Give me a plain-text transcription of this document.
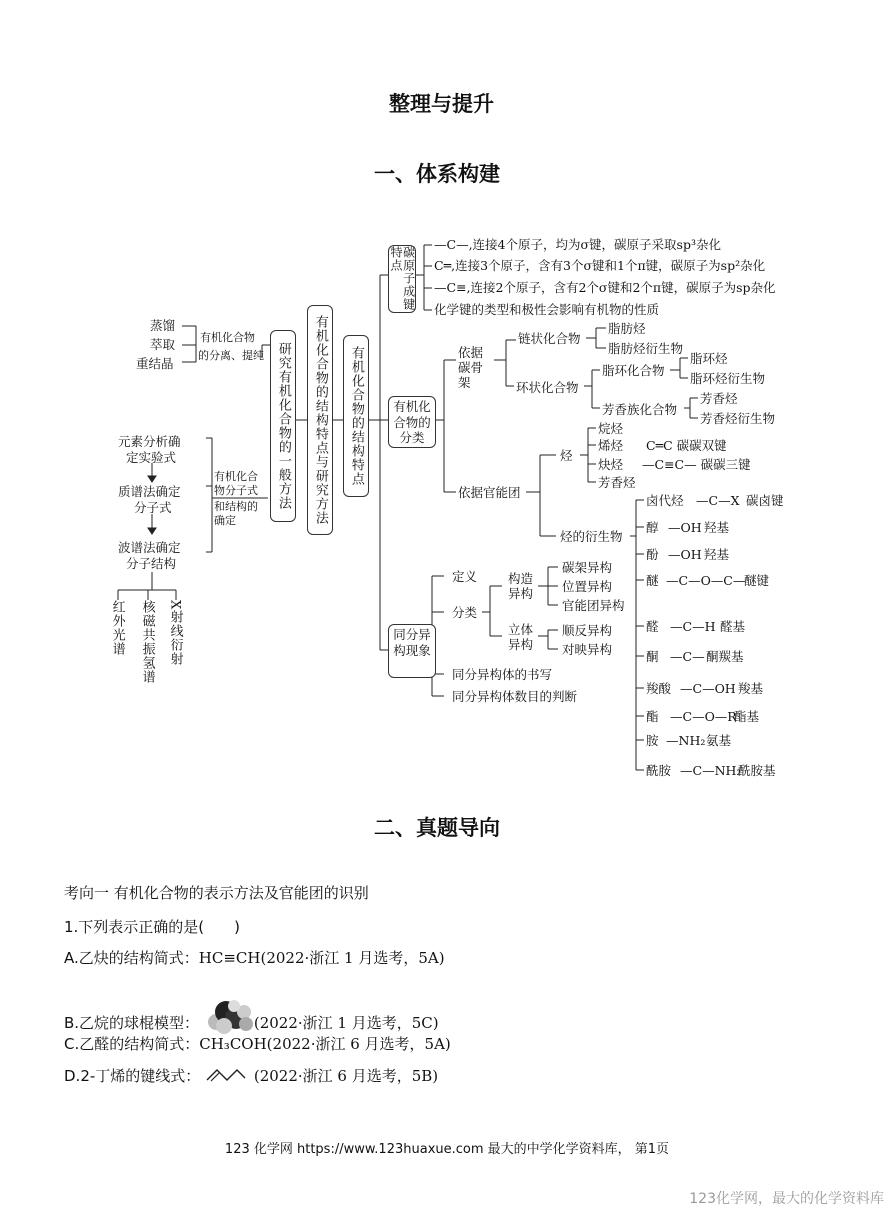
整理与提升
一、体系构建
蒸馏
萃取
重结晶
有机化合物
的分离、提纯
元素分析确
定实验式
质谱法确定
分子式
波谱法确定
分子结构
有机化合
物分子式
和结构的
确定
红外光谱 核磁共振氢谱 X射线衍射
研究有机化合物的一般方法 有机化合物的结构特点与研究方法 有机化合物的结构特点
碳原子成键特点
—C—,连接4个原子，均为σ键，碳原子采取sp³杂化
C═,连接3个原子，含有3个σ键和1个π键，碳原子为sp²杂化
—C≡,连接2个原子，含有2个σ键和2个π键，碳原子为sp杂化
化学键的类型和极性会影响有机物的性质
有机化合物的分类
依据碳骨架
链状化合物
脂肪烃
脂肪烃衍生物
环状化合物
脂环化合物
脂环烃
脂环烃衍生物
芳香族化合物
芳香烃
芳香烃衍生物
依据官能团
烃
烷烃
烯烃 C═C 碳碳双键
炔烃 —C≡C— 碳碳三键
芳香烃
烃的衍生物
卤代烃 —C—X 碳卤键
醇 —OH 羟基
酚 —OH 羟基
醚 —C—O—C—
醚键
醛 —C—H 醛基
酮 —C— 酮羰基
羧酸 —C—OH 羧基
酯 —C—O—R
酯基
胺 —NH₂ 氨基
酰胺 —C—NH₂
酰胺基
同分异构现象
定义
分类
构造异构
碳架异构
位置异构
官能团异构
立体异构
顺反异构
对映异构
同分异构体的书写
同分异构体数目的判断
二、真题导向
考向一 有机化合物的表示方法及官能团的识别
1.下列表示正确的是(　　)
A.乙炔的结构简式：HC≡CH(2022·浙江 1 月选考，5A)
B.乙烷的球棍模型：	(2022·浙江 1 月选考，5C)
C.乙醛的结构简式：CH₃COH(2022·浙江 6 月选考，5A)
D.2-丁烯的键线式：	(2022·浙江 6 月选考，5B)
123 化学网 https://www.123huaxue.com 最大的中学化学资料库， 第1页
123化学网，最大的化学资料库
